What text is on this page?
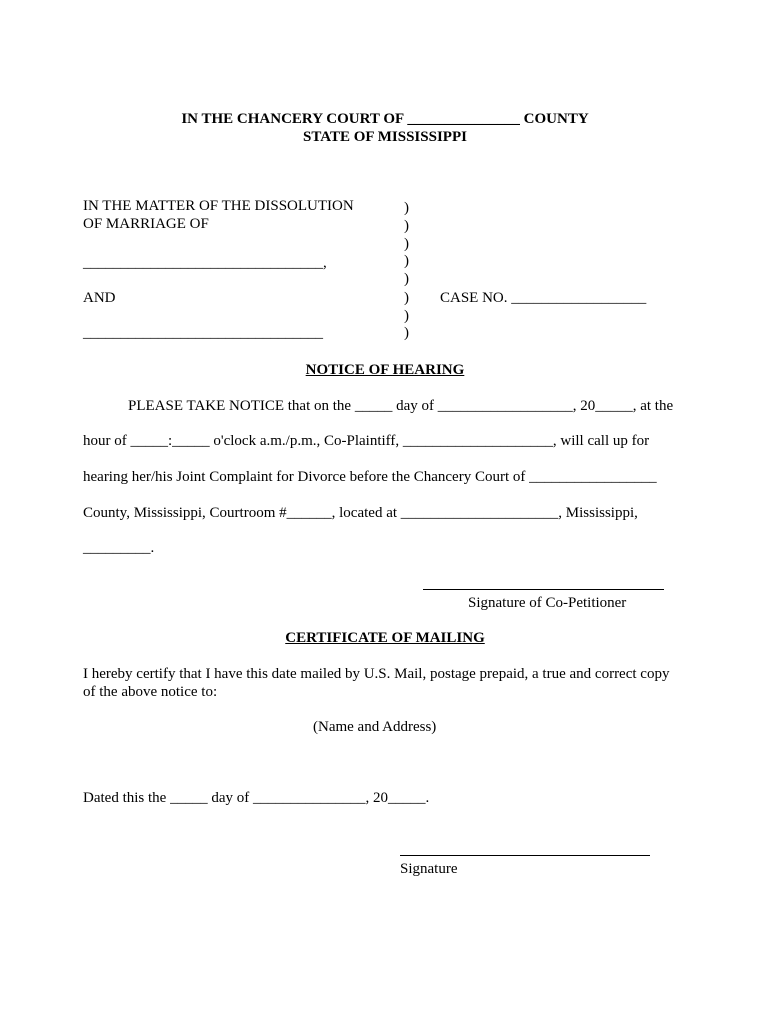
IN THE CHANCERY COURT OF _______________ COUNTY
STATE OF MISSISSIPPI
IN THE MATTER OF THE DISSOLUTION
OF MARRIAGE OF
________________________________,
AND
________________________________
)
)
)
)
)
)
)
)
CASE NO. __________________
NOTICE OF HEARING
PLEASE TAKE NOTICE that on the _____ day of __________________, 20_____, at the
hour of _____:_____ o'clock a.m./p.m., Co-Plaintiff, ____________________, will call up for
hearing her/his Joint Complaint for Divorce before the Chancery Court of _________________
County, Mississippi, Courtroom #______, located at _____________________, Mississippi,
_________.
Signature of Co-Petitioner
CERTIFICATE OF MAILING
I hereby certify that I have this date mailed by U.S. Mail, postage prepaid, a true and correct copy
of the above notice to:
(Name and Address)
Dated this the _____ day of _______________, 20_____.
Signature
